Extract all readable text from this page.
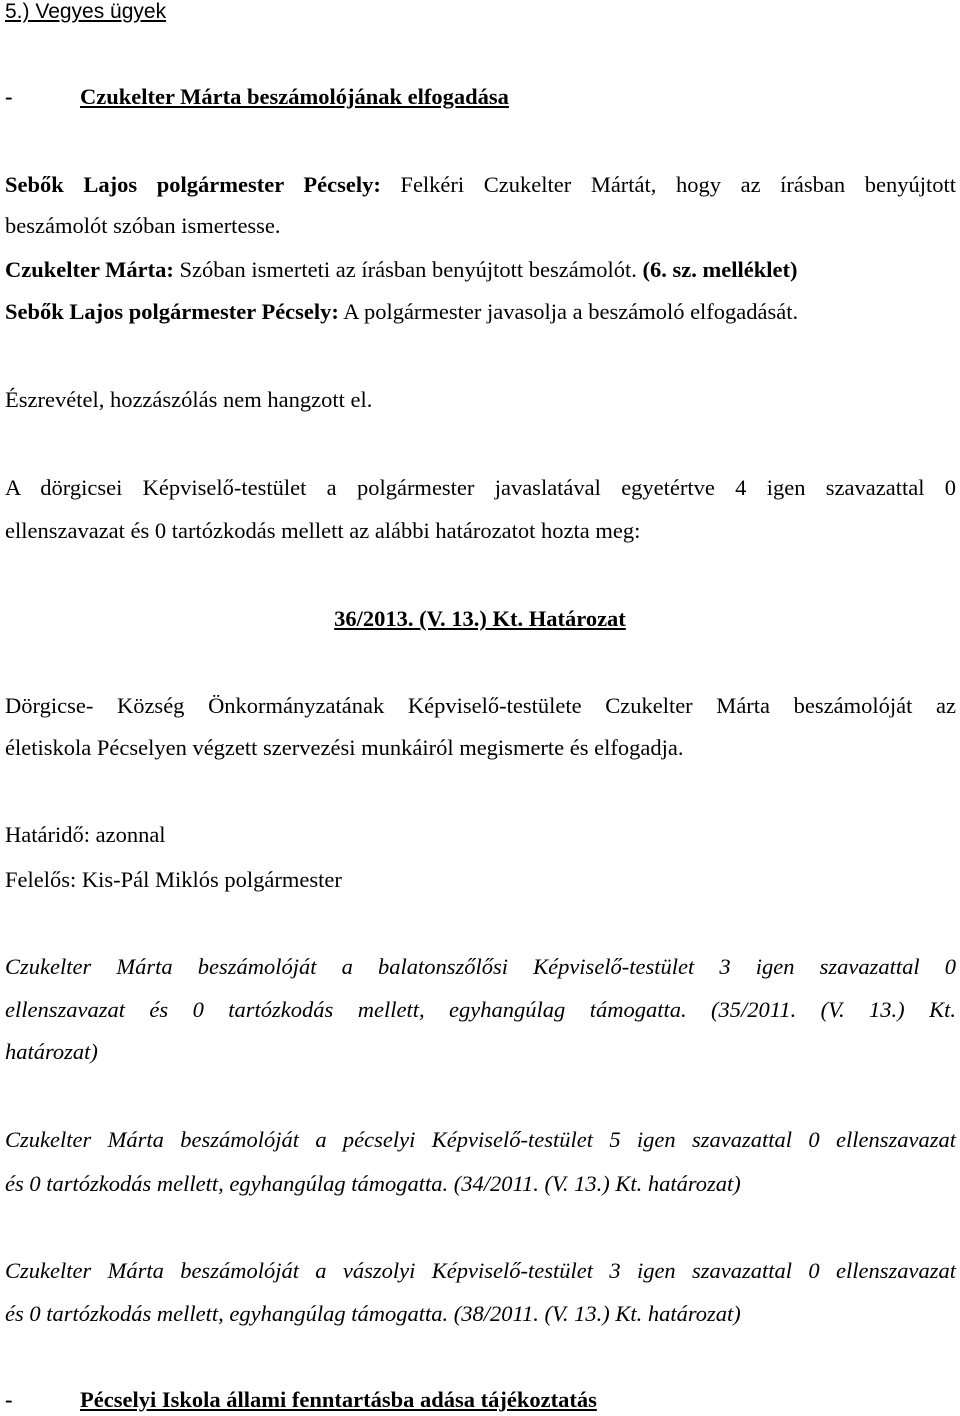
5.) Vegyes ügyek
-	Czukelter Márta beszámolójának elfogadása
Sebők Lajos polgármester Pécsely: Felkéri Czukelter Mártát, hogy az írásban benyújtott
beszámolót szóban ismertesse.
Czukelter Márta: Szóban ismerteti az írásban benyújtott beszámolót. (6. sz. melléklet)
Sebők Lajos polgármester Pécsely: A polgármester javasolja a beszámoló elfogadását.
Észrevétel, hozzászólás nem hangzott el.
A dörgicsei Képviselő-testület a polgármester javaslatával egyetértve 4 igen szavazattal 0
ellenszavazat és 0 tartózkodás mellett az alábbi határozatot hozta meg:
36/2013. (V. 13.) Kt. Határozat
Dörgicse- Község Önkormányzatának Képviselő-testülete Czukelter Márta beszámolóját az
életiskola Pécselyen végzett szervezési munkáiról megismerte és elfogadja.
Határidő: azonnal
Felelős: Kis-Pál Miklós polgármester
Czukelter Márta beszámolóját a balatonszőlősi Képviselő-testület 3 igen szavazattal 0
ellenszavazat és 0 tartózkodás mellett, egyhangúlag támogatta. (35/2011. (V. 13.) Kt.
határozat)
Czukelter Márta beszámolóját a pécselyi Képviselő-testület 5 igen szavazattal 0 ellenszavazat
és 0 tartózkodás mellett, egyhangúlag támogatta. (34/2011. (V. 13.) Kt. határozat)
Czukelter Márta beszámolóját a vászolyi Képviselő-testület 3 igen szavazattal 0 ellenszavazat
és 0 tartózkodás mellett, egyhangúlag támogatta. (38/2011. (V. 13.) Kt. határozat)
-	Pécselyi Iskola állami fenntartásba adása tájékoztatás
